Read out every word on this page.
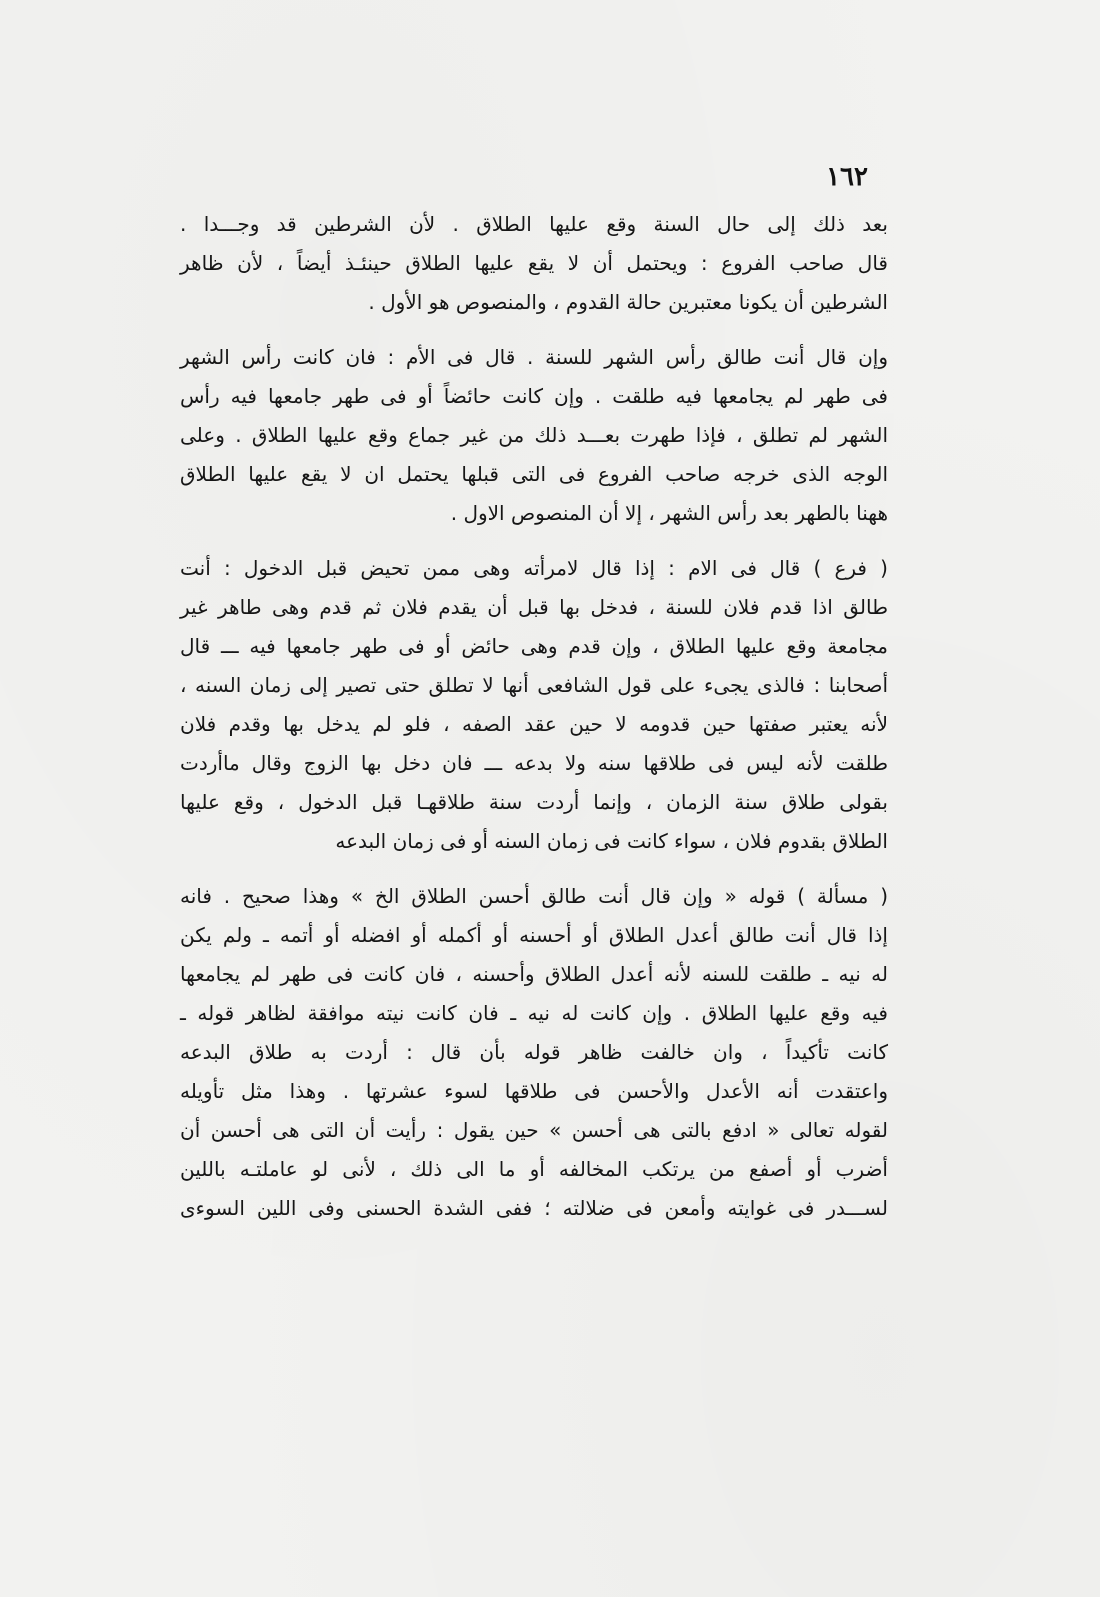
١٦٢
بعد ذلك إلى حال السنة وقع عليها الطلاق . لأن الشرطين قد وجـــدا .
قال صاحب الفروع : ويحتمل أن لا يقع عليها الطلاق حينئـذ أيضاً ، لأن ظاهر
الشرطين أن يكونا معتبرين حالة القدوم ، والمنصوص هو الأول .
وإن قال أنت طالق رأس الشهر للسنة . قال فى الأم : فان كانت رأس الشهر
فى طهر لم يجامعها فيه طلقت . وإن كانت حائضاً أو فى طهر جامعها فيه رأس
الشهر لم تطلق ، فإذا طهرت بعـــد ذلك من غير جماع وقع عليها الطلاق . وعلى
الوجه الذى خرجه صاحب الفروع فى التى قبلها يحتمل ان لا يقع عليها الطلاق
ههنا بالطهر بعد رأس الشهر ، إلا أن المنصوص الاول .
( فرع ) قال فى الام : إذا قال لامرأته وهى ممن تحيض قبل الدخول : أنت
طالق اذا قدم فلان للسنة ، فدخل بها قبل أن يقدم فلان ثم قدم وهى طاهر غير
مجامعة وقع عليها الطلاق ، وإن قدم وهى حائض أو فى طهر جامعها فيه ـــ قال
أصحابنا : فالذى يجىء على قول الشافعى أنها لا تطلق حتى تصير إلى زمان السنه ،
لأنه يعتبر صفتها حين قدومه لا حين عقد الصفه ، فلو لم يدخل بها وقدم فلان
طلقت لأنه ليس فى طلاقها سنه ولا بدعه ـــ فان دخل بها الزوج وقال ماأردت
بقولى طلاق سنة الزمان ، وإنما أردت سنة طلاقهـا قبل الدخول ، وقع عليها
الطلاق بقدوم فلان ، سواء كانت فى زمان السنه أو فى زمان البدعه
( مسألة ) قوله « وإن قال أنت طالق أحسن الطلاق الخ » وهذا صحيح . فانه
إذا قال أنت طالق أعدل الطلاق أو أحسنه أو أكمله أو افضله أو أتمه ـ ولم يكن
له نيه ـ طلقت للسنه لأنه أعدل الطلاق وأحسنه ، فان كانت فى طهر لم يجامعها
فيه وقع عليها الطلاق . وإن كانت له نيه ـ فان كانت نيته موافقة لظاهر قوله ـ
كانت تأكيداً ، وان خالفت ظاهر قوله بأن قال : أردت به طلاق البدعه
واعتقدت أنه الأعدل والأحسن فى طلاقها لسوء عشرتها . وهذا مثل تأويله
لقوله تعالى « ادفع بالتى هى أحسن » حين يقول : رأيت أن التى هى أحسن أن
أضرب أو أصفع من يرتكب المخالفه أو ما الى ذلك ، لأنى لو عاملتـه باللين
لســـدر فى غوايته وأمعن فى ضلالته ؛ ففى الشدة الحسنى وفى اللين السوءى
